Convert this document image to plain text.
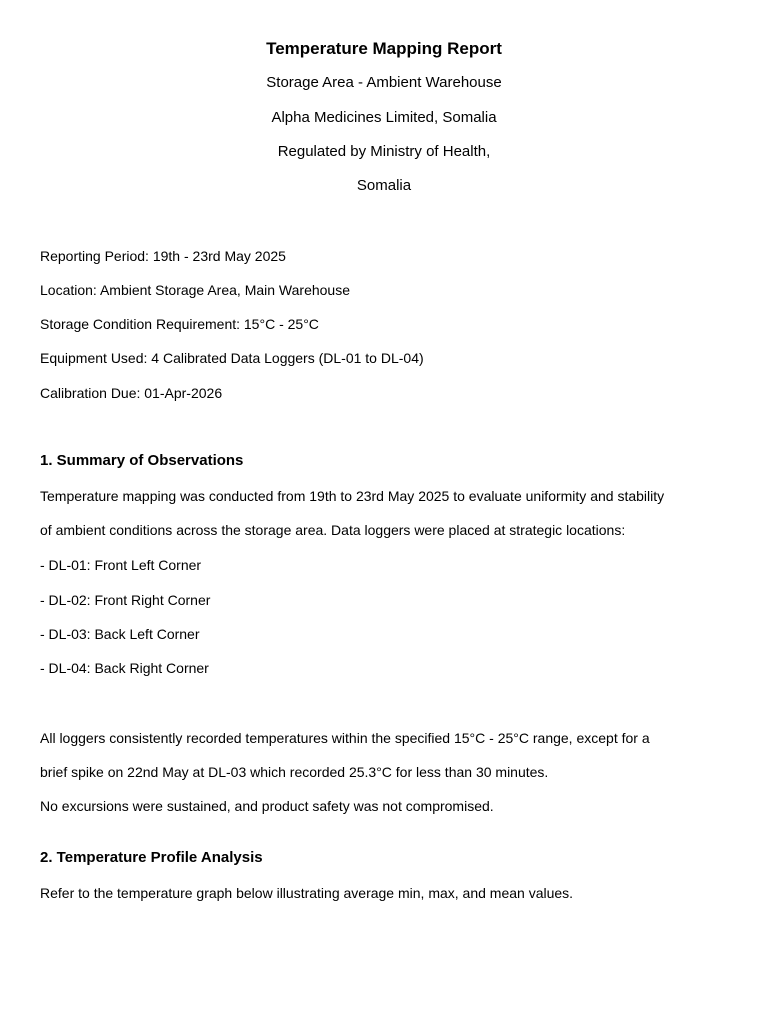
Temperature Mapping Report
Storage Area - Ambient Warehouse
Alpha Medicines Limited, Somalia
Regulated by Ministry of Health,
Somalia
Reporting Period: 19th - 23rd May 2025
Location: Ambient Storage Area, Main Warehouse
Storage Condition Requirement: 15°C - 25°C
Equipment Used: 4 Calibrated Data Loggers (DL-01 to DL-04)
Calibration Due: 01-Apr-2026
1. Summary of Observations
Temperature mapping was conducted from 19th to 23rd May 2025 to evaluate uniformity and stability
of ambient conditions across the storage area. Data loggers were placed at strategic locations:
- DL-01: Front Left Corner
- DL-02: Front Right Corner
- DL-03: Back Left Corner
- DL-04: Back Right Corner
All loggers consistently recorded temperatures within the specified 15°C - 25°C range, except for a
brief spike on 22nd May at DL-03 which recorded 25.3°C for less than 30 minutes.
No excursions were sustained, and product safety was not compromised.
2. Temperature Profile Analysis
Refer to the temperature graph below illustrating average min, max, and mean values.
